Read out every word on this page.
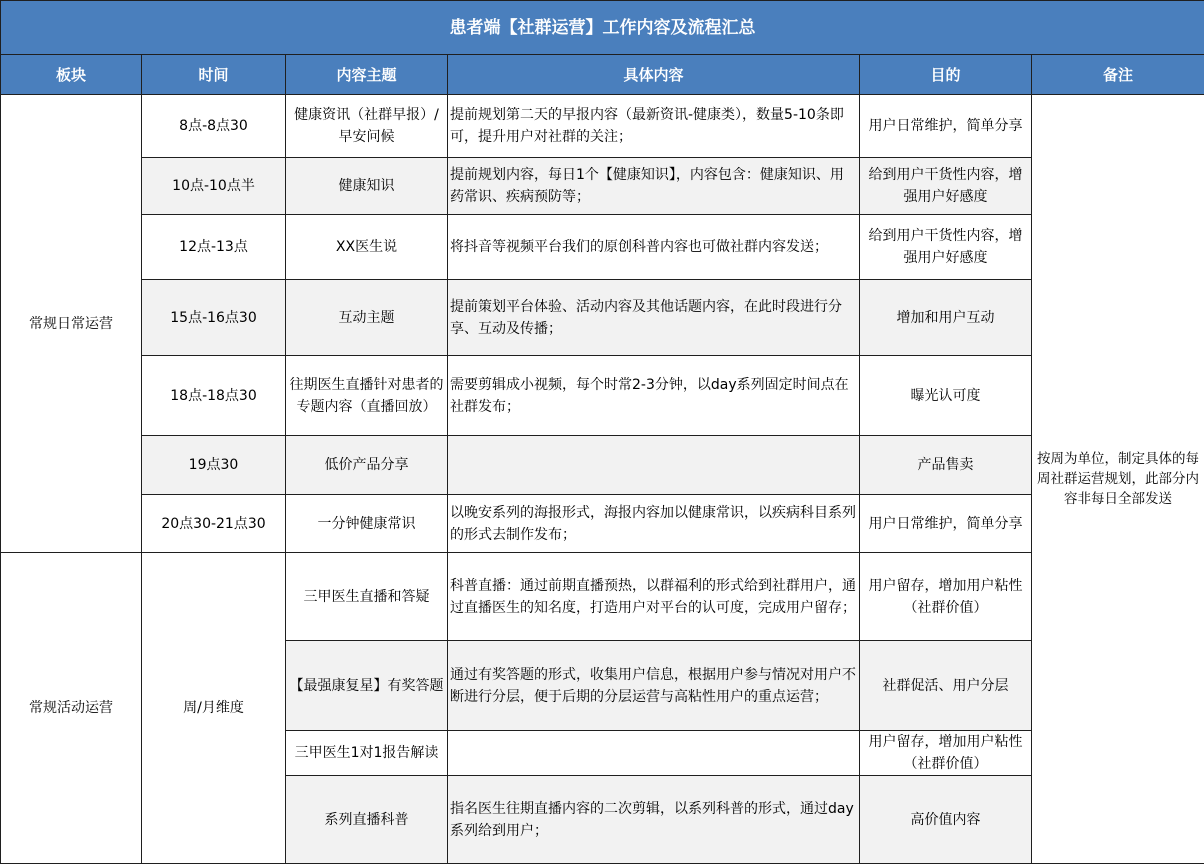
患者端【社群运营】工作内容及流程汇总					
板块	时间	内容主题	具体内容	目的	备注
常规日常运营	8点-8点30	健康资讯（社群早报）/早安问候	提前规划第二天的早报内容（最新资讯-健康类），数量5-10条即可，提升用户对社群的关注；	用户日常维护，简单分享	按周为单位，制定具体的每周社群运营规划，此部分内容非每日全部发送
	10点-10点半	健康知识	提前规划内容，每日1个【健康知识】，内容包含：健康知识、用药常识、疾病预防等；	给到用户干货性内容，增强用户好感度	
	12点-13点	XX医生说	将抖音等视频平台我们的原创科普内容也可做社群内容发送；	给到用户干货性内容，增强用户好感度	
	15点-16点30	互动主题	提前策划平台体验、活动内容及其他话题内容，在此时段进行分享、互动及传播；	增加和用户互动	
	18点-18点30	往期医生直播针对患者的专题内容（直播回放）	需要剪辑成小视频，每个时常2-3分钟，以day系列固定时间点在社群发布；	曝光认可度	
	19点30	低价产品分享		产品售卖	
	20点30-21点30	一分钟健康常识	以晚安系列的海报形式，海报内容加以健康常识，以疾病科目系列的形式去制作发布；	用户日常维护，简单分享	
常规活动运营	周/月维度	三甲医生直播和答疑	科普直播：通过前期直播预热，以群福利的形式给到社群用户，通过直播医生的知名度，打造用户对平台的认可度，完成用户留存；	用户留存，增加用户粘性（社群价值）	
		【最强康复星】有奖答题	通过有奖答题的形式，收集用户信息，根据用户参与情况对用户不断进行分层，便于后期的分层运营与高粘性用户的重点运营；	社群促活、用户分层	
		三甲医生1对1报告解读		用户留存，增加用户粘性（社群价值）	
		系列直播科普	指名医生往期直播内容的二次剪辑，以系列科普的形式，通过day系列给到用户；	高价值内容	
